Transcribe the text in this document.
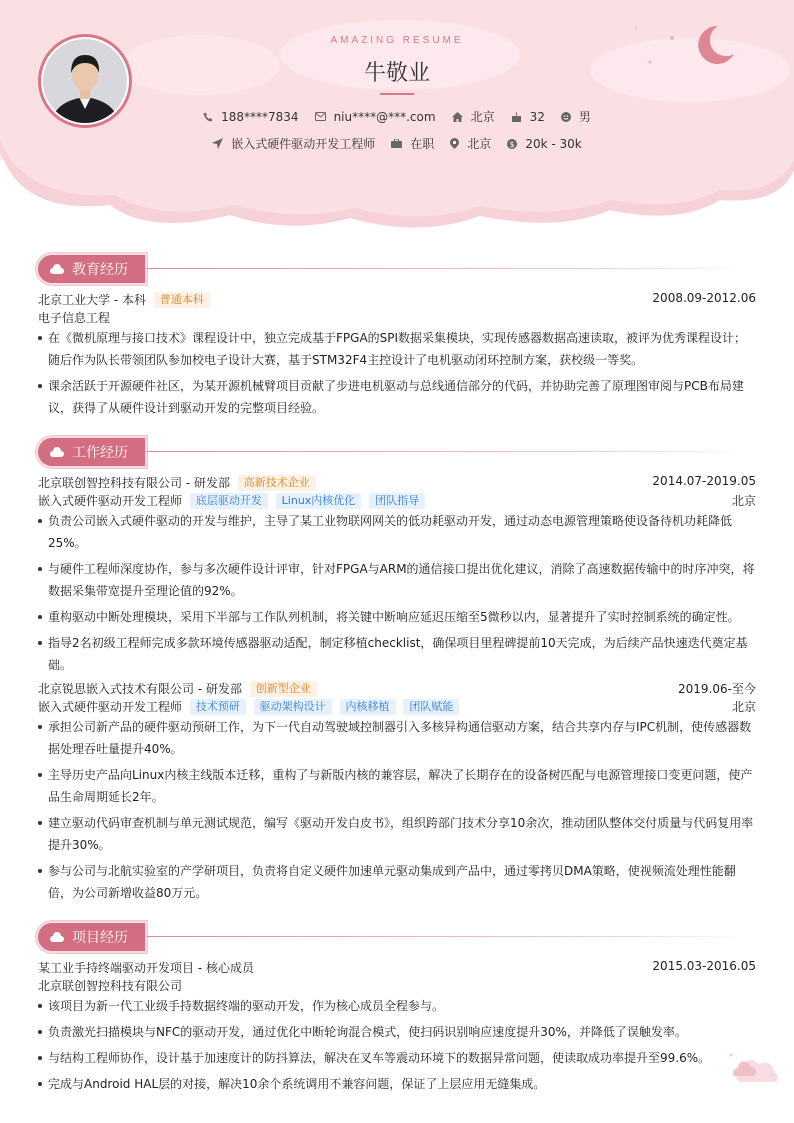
AMAZING RESUME
牛敬业
188****7834	niu****@***.com	北京	32	男
嵌入式硬件驱动开发工程师	在职	北京 $ 20k - 30k
教育经历
北京工业大学 - 本科 普通本科	2008.09-2012.06
电子信息工程
在《微机原理与接口技术》课程设计中，独立完成基于FPGA的SPI数据采集模块，实现传感器数据高速读取，被评为优秀课程设计；随后作为队长带领团队参加校电子设计大赛，基于STM32F4主控设计了电机驱动闭环控制方案，获校级一等奖。
课余活跃于开源硬件社区，为某开源机械臂项目贡献了步进电机驱动与总线通信部分的代码，并协助完善了原理图审阅与PCB布局建议，获得了从硬件设计到驱动开发的完整项目经验。
工作经历
北京联创智控科技有限公司 - 研发部 高新技术企业	2014.07-2019.05
嵌入式硬件驱动开发工程师 底层驱动开发 Linux内核优化 团队指导	北京
负责公司嵌入式硬件驱动的开发与维护，主导了某工业物联网网关的低功耗驱动开发，通过动态电源管理策略使设备待机功耗降低25%。
与硬件工程师深度协作，参与多次硬件设计评审，针对FPGA与ARM的通信接口提出优化建议，消除了高速数据传输中的时序冲突，将数据采集带宽提升至理论值的92%。
重构驱动中断处理模块，采用下半部与工作队列机制，将关键中断响应延迟压缩至5微秒以内，显著提升了实时控制系统的确定性。
指导2名初级工程师完成多款环境传感器驱动适配，制定移植checklist，确保项目里程碑提前10天完成，为后续产品快速迭代奠定基础。
北京锐思嵌入式技术有限公司 - 研发部 创新型企业	2019.06-至今
嵌入式硬件驱动开发工程师 技术预研 驱动架构设计 内核移植 团队赋能	北京
承担公司新产品的硬件驱动预研工作，为下一代自动驾驶域控制器引入多核异构通信驱动方案，结合共享内存与IPC机制，使传感器数据处理吞吐量提升40%。
主导历史产品向Linux内核主线版本迁移，重构了与新版内核的兼容层，解决了长期存在的设备树匹配与电源管理接口变更问题，使产品生命周期延长2年。
建立驱动代码审查机制与单元测试规范，编写《驱动开发白皮书》，组织跨部门技术分享10余次，推动团队整体交付质量与代码复用率提升30%。
参与公司与北航实验室的产学研项目，负责将自定义硬件加速单元驱动集成到产品中，通过零拷贝DMA策略，使视频流处理性能翻倍，为公司新增收益80万元。
项目经历
某工业手持终端驱动开发项目 - 核心成员	2015.03-2016.05
北京联创智控科技有限公司
该项目为新一代工业级手持数据终端的驱动开发，作为核心成员全程参与。
负责激光扫描模块与NFC的驱动开发，通过优化中断轮询混合模式，使扫码识别响应速度提升30%，并降低了误触发率。
与结构工程师协作，设计基于加速度计的防抖算法，解决在叉车等震动环境下的数据异常问题，使读取成功率提升至99.6%。
完成与Android HAL层的对接，解决10余个系统调用不兼容问题，保证了上层应用无缝集成。
